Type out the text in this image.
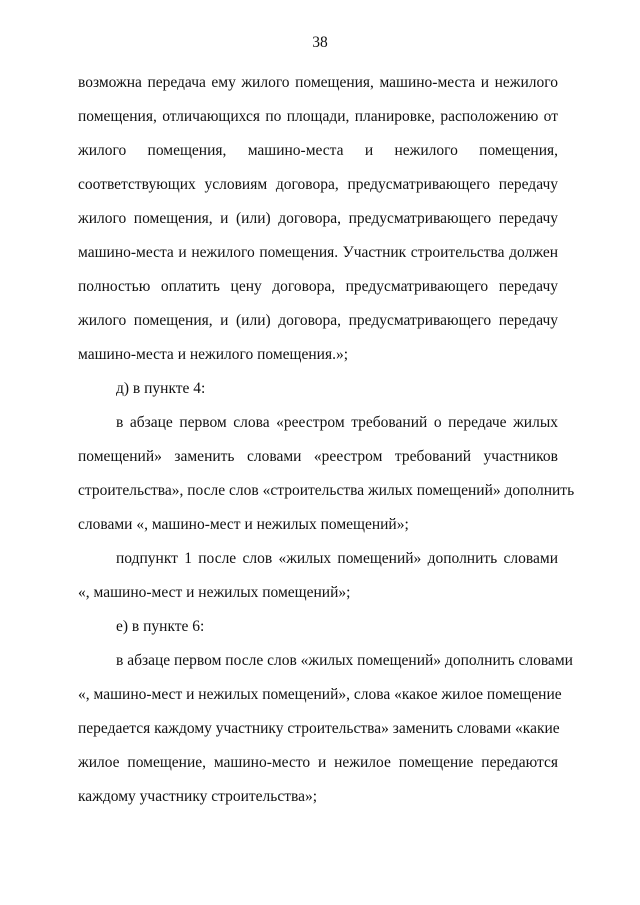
38
возможна передача ему жилого помещения, машино-места и нежилого
помещения, отличающихся по площади, планировке, расположению от
жилого помещения, машино-места и нежилого помещения,
соответствующих условиям договора, предусматривающего передачу
жилого помещения, и (или) договора, предусматривающего передачу
машино-места и нежилого помещения. Участник строительства должен
полностью оплатить цену договора, предусматривающего передачу
жилого помещения, и (или) договора, предусматривающего передачу
машино-места и нежилого помещения.»;
д) в пункте 4:
в абзаце первом слова «реестром требований о передаче жилых
помещений» заменить словами «реестром требований участников
строительства», после слов «строительства жилых помещений» дополнить
словами «, машино-мест и нежилых помещений»;
подпункт 1 после слов «жилых помещений» дополнить словами
«, машино-мест и нежилых помещений»;
е) в пункте 6:
в абзаце первом после слов «жилых помещений» дополнить словами
«, машино-мест и нежилых помещений», слова «какое жилое помещение
передается каждому участнику строительства» заменить словами «какие
жилое помещение, машино-место и нежилое помещение передаются
каждому участнику строительства»;
